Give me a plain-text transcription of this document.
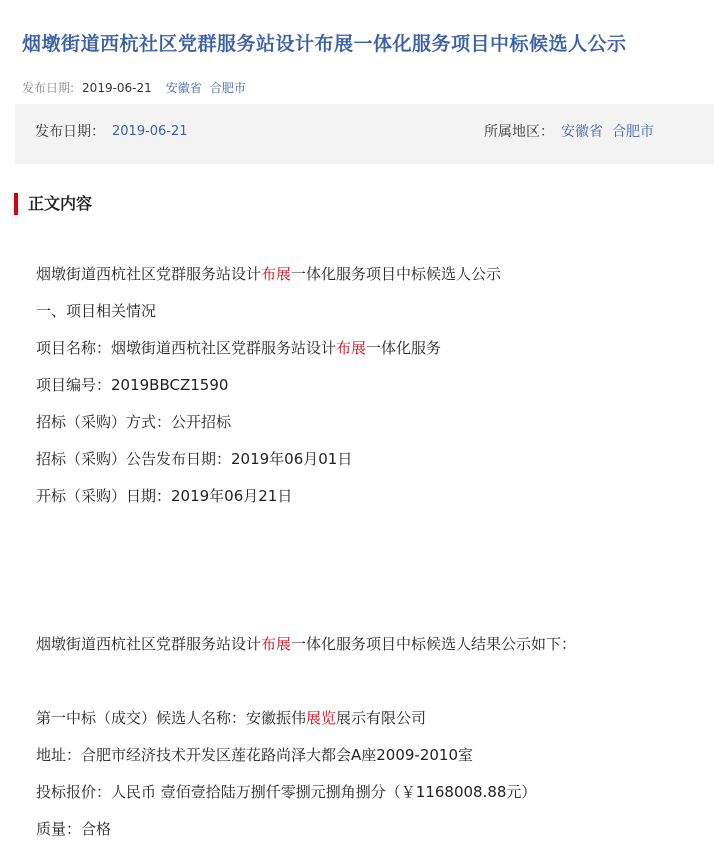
烟墩街道西杭社区党群服务站设计布展一体化服务项目中标候选人公示
发布日期: 2019-06-21 安徽省 合肥市
发布日期： 2019-06-21	所属地区： 安徽省 合肥市
正文内容
烟墩街道西杭社区党群服务站设计布展一体化服务项目中标候选人公示
一、项目相关情况
项目名称：烟墩街道西杭社区党群服务站设计布展一体化服务
项目编号：2019BBCZ1590
招标（采购）方式：公开招标
招标（采购）公告发布日期：2019年06月01日
开标（采购）日期：2019年06月21日
烟墩街道西杭社区党群服务站设计布展一体化服务项目中标候选人结果公示如下：
第一中标（成交）候选人名称：安徽振伟展览展示有限公司
地址：合肥市经济技术开发区莲花路尚泽大都会A座2009-2010室
投标报价：人民币 壹佰壹拾陆万捌仟零捌元捌角捌分（￥1168008.88元）
质量：合格
